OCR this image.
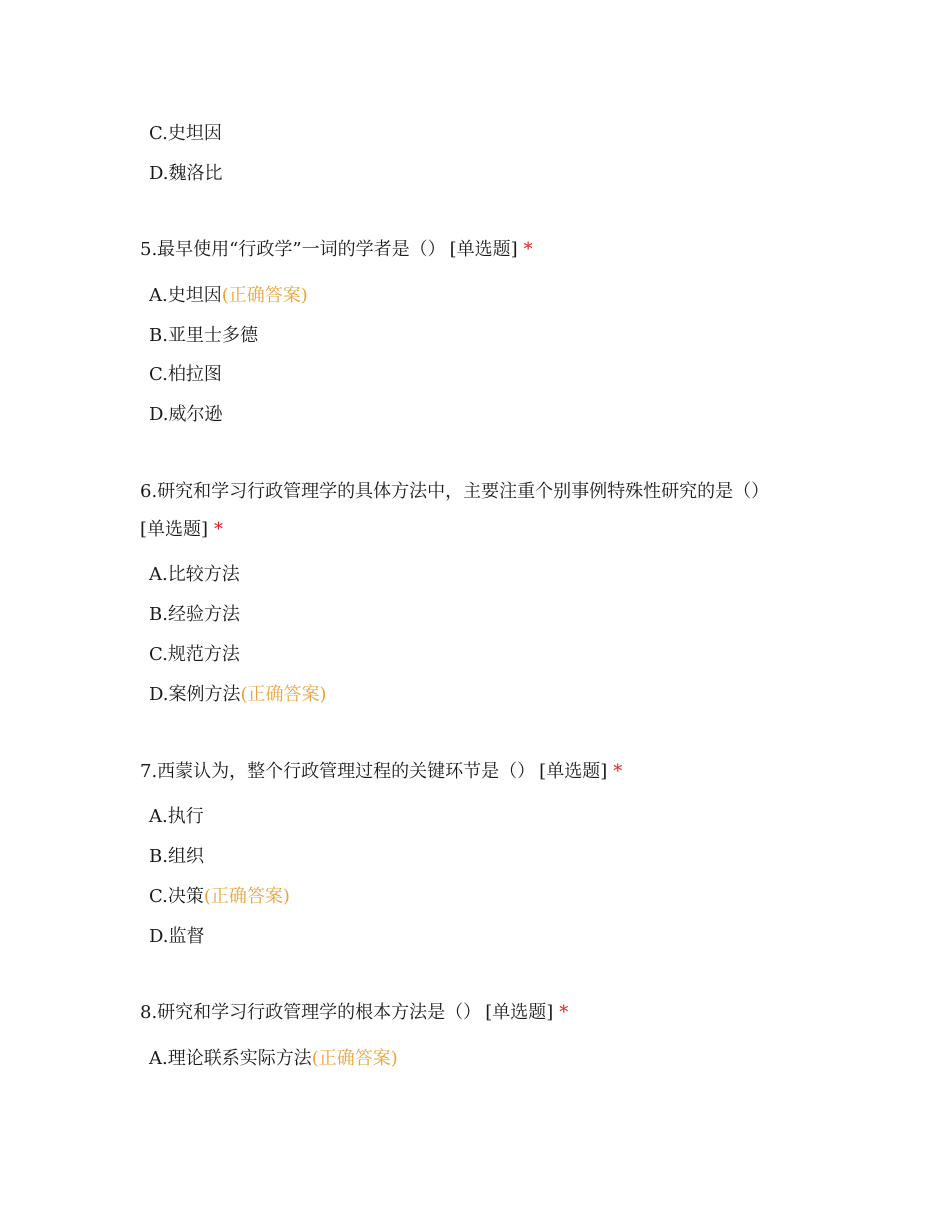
C.史坦因
D.魏洛比
5.最早使用“行政学”一词的学者是（） [单选题] *
A.史坦因(正确答案)
B.亚里士多德
C.柏拉图
D.威尔逊
6.研究和学习行政管理学的具体方法中，主要注重个别事例特殊性研究的是（）
[单选题] *
A.比较方法
B.经验方法
C.规范方法
D.案例方法(正确答案)
7.西蒙认为，整个行政管理过程的关键环节是（） [单选题] *
A.执行
B.组织
C.决策(正确答案)
D.监督
8.研究和学习行政管理学的根本方法是（） [单选题] *
A.理论联系实际方法(正确答案)
